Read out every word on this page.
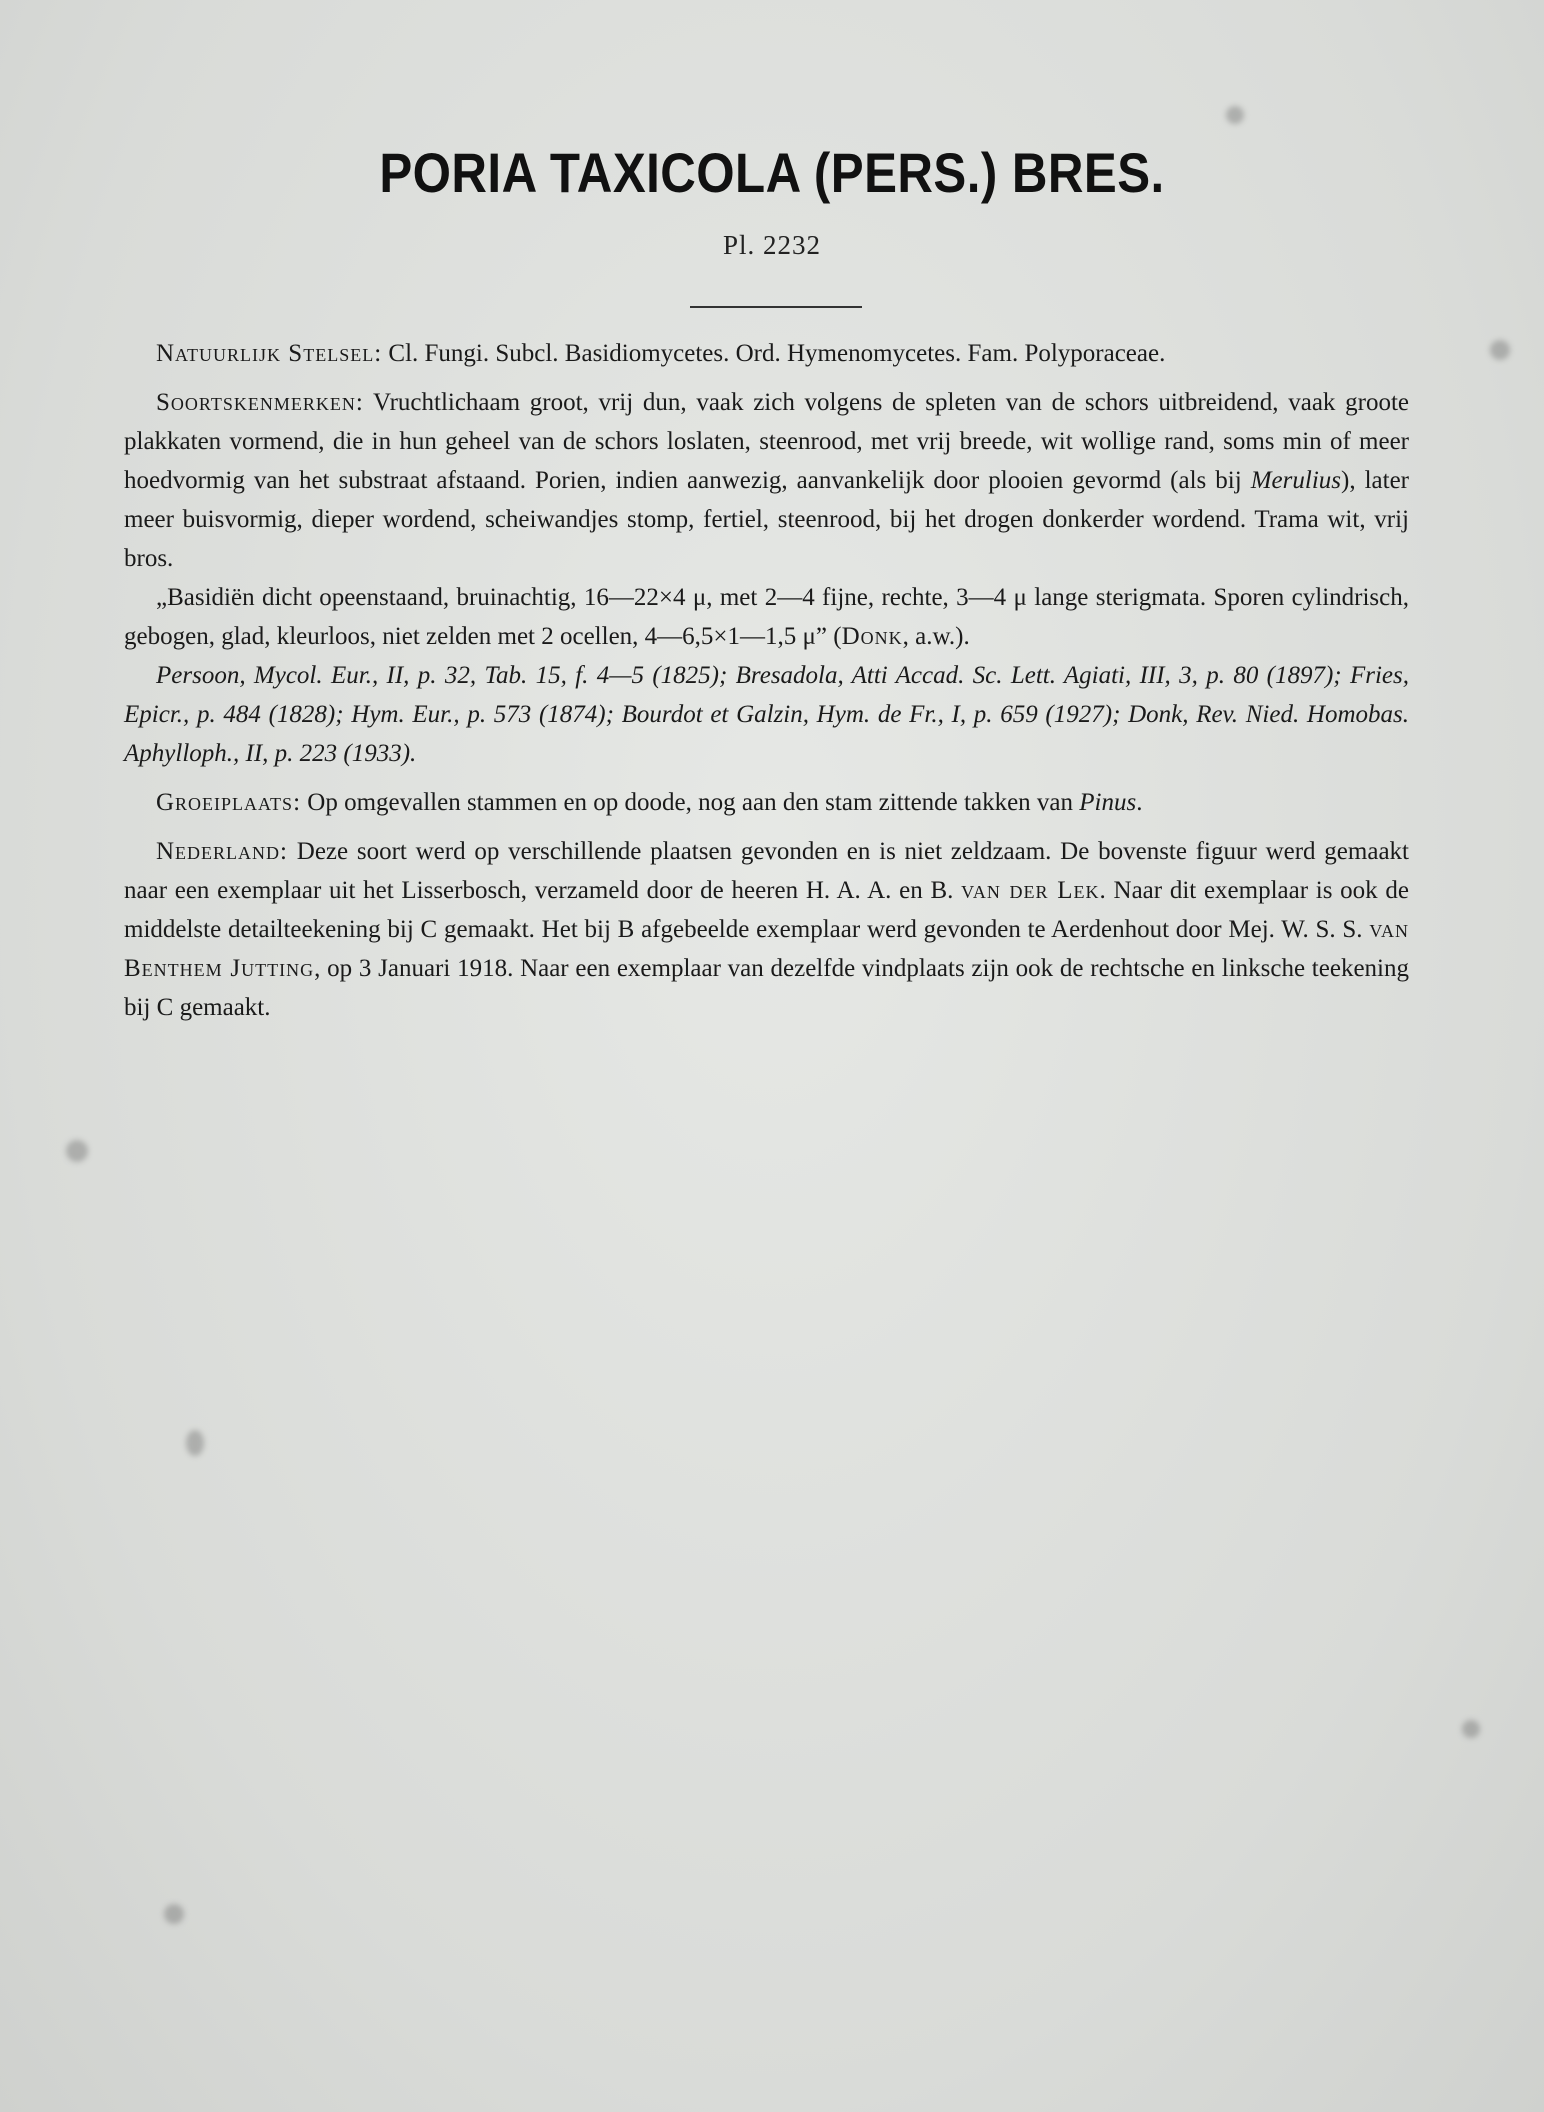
PORIA TAXICOLA (PERS.) BRES.
Pl. 2232

Natuurlijk Stelsel: Cl. Fungi. Subcl. Basidiomycetes. Ord. Hymenomycetes. Fam. Polyporaceae.

Soortskenmerken: Vruchtlichaam groot, vrij dun, vaak zich volgens de spleten van de schors uitbreidend, vaak groote plakkaten vormend, die in hun geheel van de schors loslaten, steenrood, met vrij breede, wit wollige rand, soms min of meer hoedvormig van het substraat afstaand. Porien, indien aanwezig, aanvankelijk door plooien gevormd (als bij Merulius), later meer buisvormig, dieper wordend, scheiwandjes stomp, fertiel, steenrood, bij het drogen donkerder wordend. Trama wit, vrij bros.

„Basidiën dicht opeenstaand, bruinachtig, 16—22×4 μ, met 2—4 fijne, rechte, 3—4 μ lange sterigmata. Sporen cylindrisch, gebogen, glad, kleurloos, niet zelden met 2 ocellen, 4—6,5×1—1,5 μ” (Donk, a.w.).

Persoon, Mycol. Eur., II, p. 32, Tab. 15, f. 4—5 (1825); Bresadola, Atti Accad. Sc. Lett. Agiati, III, 3, p. 80 (1897); Fries, Epicr., p. 484 (1828); Hym. Eur., p. 573 (1874); Bourdot et Galzin, Hym. de Fr., I, p. 659 (1927); Donk, Rev. Nied. Homobas. Aphylloph., II, p. 223 (1933).

Groeiplaats: Op omgevallen stammen en op doode, nog aan den stam zittende takken van Pinus.

Nederland: Deze soort werd op verschillende plaatsen gevonden en is niet zeldzaam. De bovenste figuur werd gemaakt naar een exemplaar uit het Lisserbosch, verzameld door de heeren H. A. A. en B. van der Lek. Naar dit exemplaar is ook de middelste detailteekening bij C gemaakt. Het bij B afgebeelde exemplaar werd gevonden te Aerdenhout door Mej. W. S. S. van Benthem Jutting, op 3 Januari 1918. Naar een exemplaar van dezelfde vindplaats zijn ook de rechtsche en linksche teekening bij C gemaakt.
